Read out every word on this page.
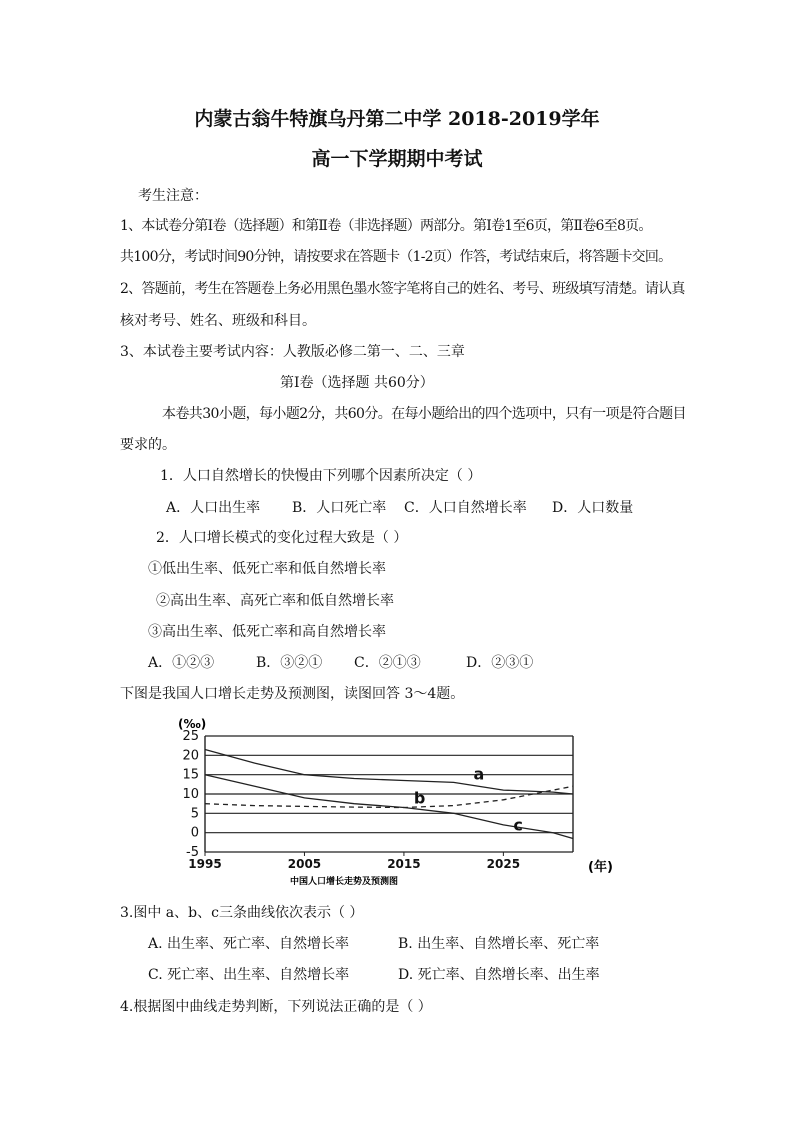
内蒙古翁牛特旗乌丹第二中学 2018-2019学年
高一下学期期中考试
考生注意：
1、本试卷分第Ⅰ卷（选择题）和第Ⅱ卷（非选择题）两部分。第Ⅰ卷1至6页，第Ⅱ卷6至8页。
共100分，考试时间90分钟，请按要求在答题卡（1-2页）作答，考试结束后，将答题卡交回。
2、答题前，考生在答题卷上务必用黑色墨水签字笔将自己的姓名、考号、班级填写清楚。请认真
核对考号、姓名、班级和科目。
3、本试卷主要考试内容：人教版必修二第一、二、三章
第Ⅰ卷（选择题 共60分）
本卷共30小题，每小题2分，共60分。在每小题给出的四个选项中，只有一项是符合题目
要求的。
1．人口自然增长的快慢由下列哪个因素所决定（ ）
A．人口出生率 B．人口死亡率 C．人口自然增长率 D．人口数量
2．人口增长模式的变化过程大致是（ ）
①低出生率、低死亡率和低自然增长率
②高出生率、高死亡率和低自然增长率
③高出生率、低死亡率和高自然增长率
A．①②③	B．③②① C．②①③	D．②③①
下图是我国人口增长走势及预测图，读图回答 3～4题。
(‰)
(年)
中国人口增长走势及预测图
25
20
15
10
5
0
-5
1995	2005	2015	2025
a
b
c
3.图中 a、b、c三条曲线依次表示（ ）
A. 出生率、死亡率、自然增长率	B. 出生率、自然增长率、死亡率
C. 死亡率、出生率、自然增长率	D. 死亡率、自然增长率、出生率
4.根据图中曲线走势判断，下列说法正确的是（ ）
